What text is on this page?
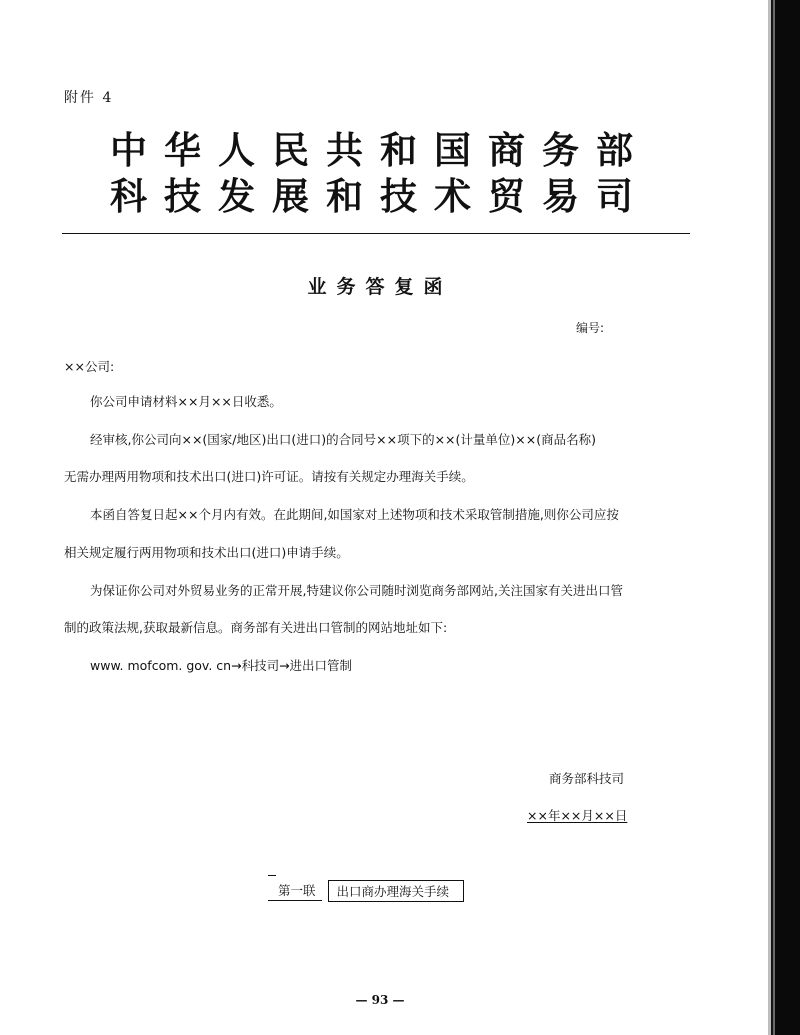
附件 4
中华人民共和国商务部
科技发展和技术贸易司
业务答复函
编号:
××公司:
你公司申请材料××月××日收悉。
经审核,你公司向××(国家/地区)出口(进口)的合同号××项下的××(计量单位)××(商品名称)
无需办理两用物项和技术出口(进口)许可证。请按有关规定办理海关手续。
本函自答复日起××个月内有效。在此期间,如国家对上述物项和技术采取管制措施,则你公司应按
相关规定履行两用物项和技术出口(进口)申请手续。
为保证你公司对外贸易业务的正常开展,特建议你公司随时浏览商务部网站,关注国家有关进出口管
制的政策法规,获取最新信息。商务部有关进出口管制的网站地址如下:
www. mofcom. gov. cn→科技司→进出口管制
商务部科技司
××年××月××日
第一联	出口商办理海关手续
— 93 —
